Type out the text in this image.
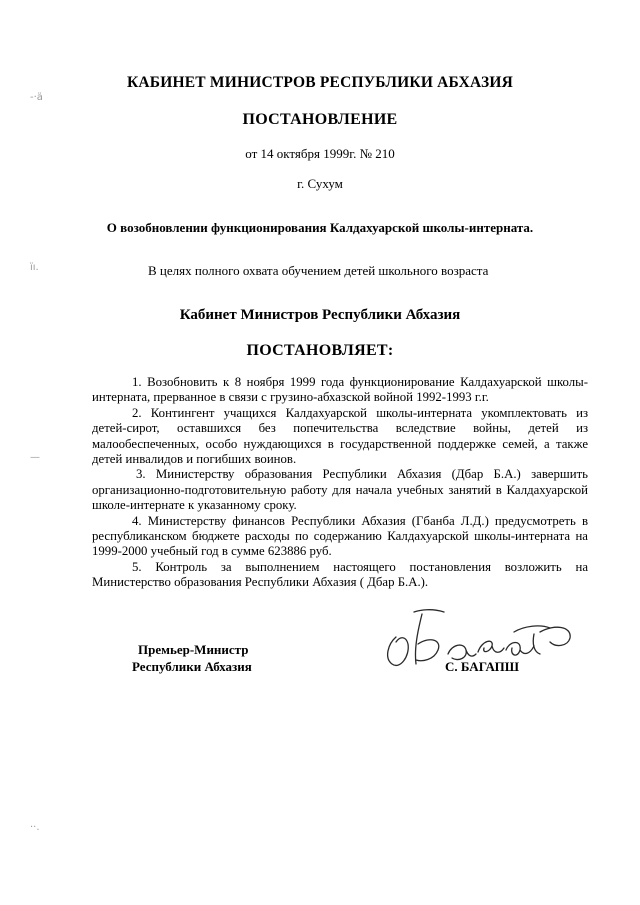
-·ä
ïı.
—
··.
КАБИНЕТ МИНИСТРОВ РЕСПУБЛИКИ АБХАЗИЯ
ПОСТАНОВЛЕНИЕ
от 14 октября 1999г. № 210
г. Сухум
О возобновлении функционирования Калдахуарской школы-интерната.
В целях полного охвата обучением детей школьного возраста
Кабинет Министров Республики Абхазия
ПОСТАНОВЛЯЕТ:

1. Возобновить к 8 ноября 1999 года функционирование Калдахуарской школы-интерната, прерванное в связи с грузино-абхазской войной 1992-1993 г.г.

2. Контингент учащихся Калдахуарской школы-интерната укомплектовать из детей-сирот, оставшихся без попечительства вследствие войны, детей из малообеспеченных, особо нуждающихся в государственной поддержке семей, а также детей инвалидов и погибших воинов.

3. Министерству образования Республики Абхазия (Дбар Б.А.) завершить организационно-подготовительную работу для начала учебных занятий в Калдахуарской школе-интернате к указанному сроку.

4. Министерству финансов Республики Абхазия (Гбанба Л.Д.) предусмотреть в республиканском бюджете расходы по содержанию Калдахуарской школы-интерната на 1999-2000 учебный год в сумме 623886 руб.

5. Контроль за выполнением настоящего постановления возложить на Министерство образования Республики Абхазия ( Дбар Б.А.).

Премьер-Министр
Республики Абхазия	С. БАГАПШ
